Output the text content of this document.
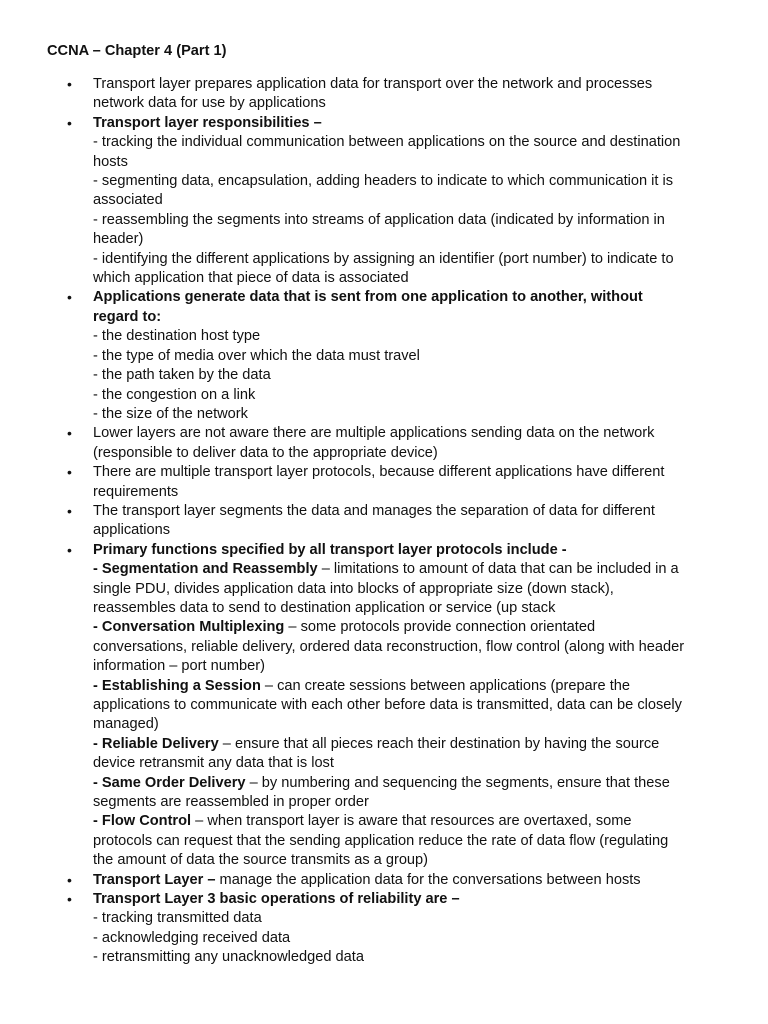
CCNA – Chapter 4 (Part 1)
• Transport layer prepares application data for transport over the network and processes
network data for use by applications
• Transport layer responsibilities –
- tracking the individual communication between applications on the source and destination
hosts
- segmenting data, encapsulation, adding headers to indicate to which communication it is
associated
- reassembling the segments into streams of application data (indicated by information in
header)
- identifying the different applications by assigning an identifier (port number) to indicate to
which application that piece of data is associated
• Applications generate data that is sent from one application to another, without
regard to:
- the destination host type
- the type of media over which the data must travel
- the path taken by the data
- the congestion on a link
- the size of the network
• Lower layers are not aware there are multiple applications sending data on the network
(responsible to deliver data to the appropriate device)
• There are multiple transport layer protocols, because different applications have different
requirements
• The transport layer segments the data and manages the separation of data for different
applications
• Primary functions specified by all transport layer protocols include -
- Segmentation and Reassembly – limitations to amount of data that can be included in a
single PDU, divides application data into blocks of appropriate size (down stack),
reassembles data to send to destination application or service (up stack
- Conversation Multiplexing – some protocols provide connection orientated
conversations, reliable delivery, ordered data reconstruction, flow control (along with header
information – port number)
- Establishing a Session – can create sessions between applications (prepare the
applications to communicate with each other before data is transmitted, data can be closely
managed)
- Reliable Delivery – ensure that all pieces reach their destination by having the source
device retransmit any data that is lost
- Same Order Delivery – by numbering and sequencing the segments, ensure that these
segments are reassembled in proper order
- Flow Control – when transport layer is aware that resources are overtaxed, some
protocols can request that the sending application reduce the rate of data flow (regulating
the amount of data the source transmits as a group)
• Transport Layer – manage the application data for the conversations between hosts
• Transport Layer 3 basic operations of reliability are –
- tracking transmitted data
- acknowledging received data
- retransmitting any unacknowledged data
